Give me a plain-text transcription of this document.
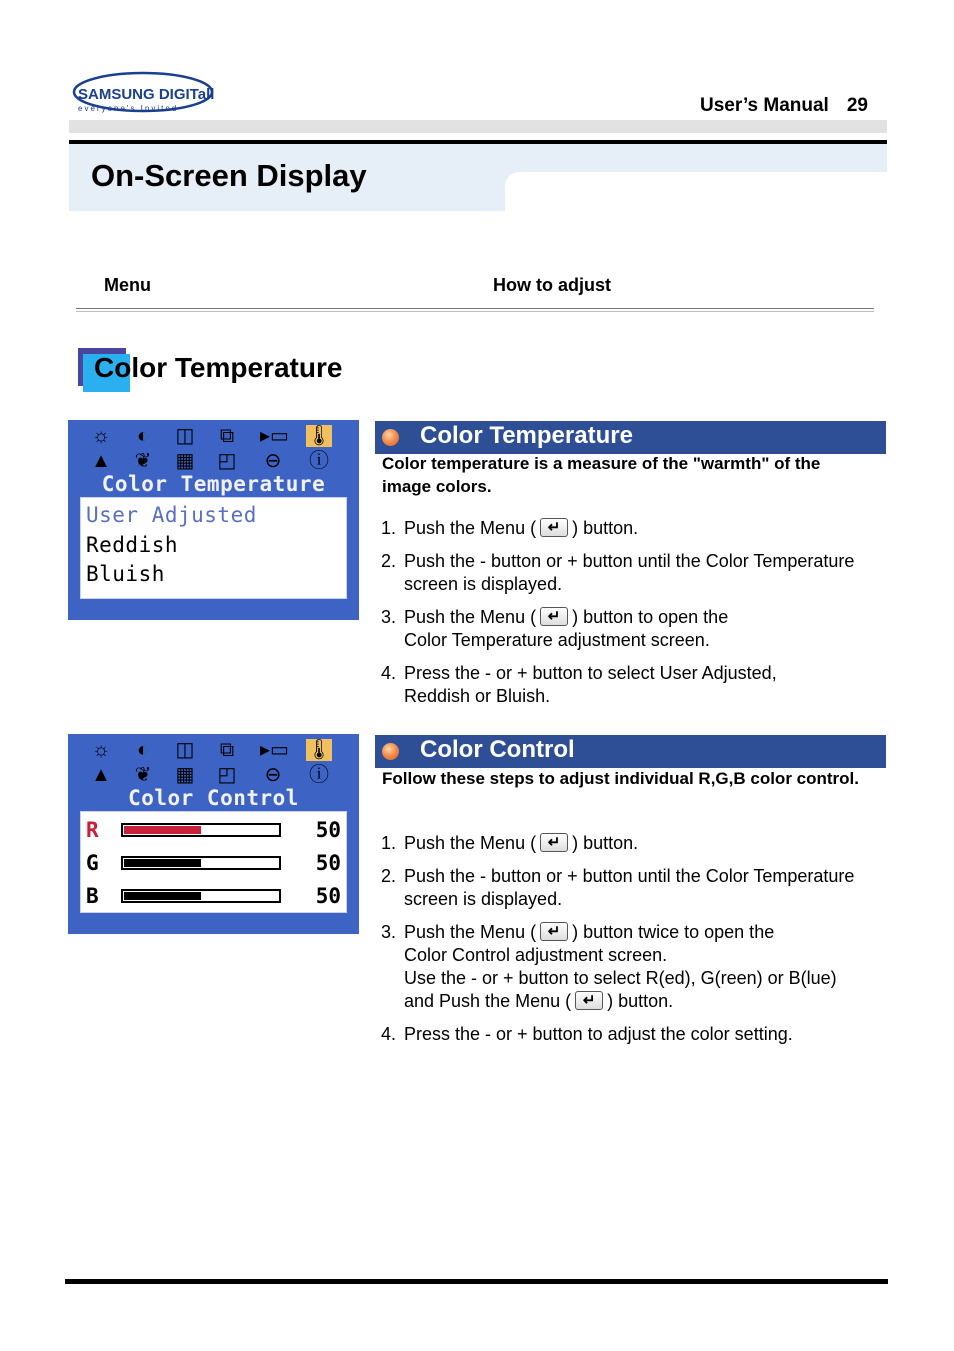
SAMSUNG DIGITall
everyone's Invited	User’s Manual 29
On-Screen Display
Menu	How to adjust
Color Temperature
☼	◐	◫ ⧉ ▸▭ 🌡
▲ ❦ ▦ ◰ ⊖ ⓘ
Color Temperature
User Adjusted
Reddish
Bluish
☼	◐	◫ ⧉ ▸▭ 🌡
▲ ❦ ▦ ◰ ⊖ ⓘ
Color Control
R	50
G	50
B	50
Color Temperature
Color temperature is a measure of the "warmth" of the image colors.
1. Push the Menu ( ↵ ) button.
2. Push the - button or + button until the Color Temperature screen is displayed.
3. Push the Menu ( ↵ ) button to open the
Color Temperature adjustment screen.
4. Press the - or + button to select User Adjusted,
Reddish or Bluish.
Color Control
Follow these steps to adjust individual R,G,B color control.
1. Push the Menu ( ↵ ) button.
2. Push the - button or + button until the Color Temperature screen is displayed.
3. Push the Menu ( ↵ ) button twice to open the
Color Control adjustment screen.
Use the - or + button to select R(ed), G(reen) or B(lue)
and Push the Menu ( ↵ ) button.
4. Press the - or + button to adjust the color setting.
